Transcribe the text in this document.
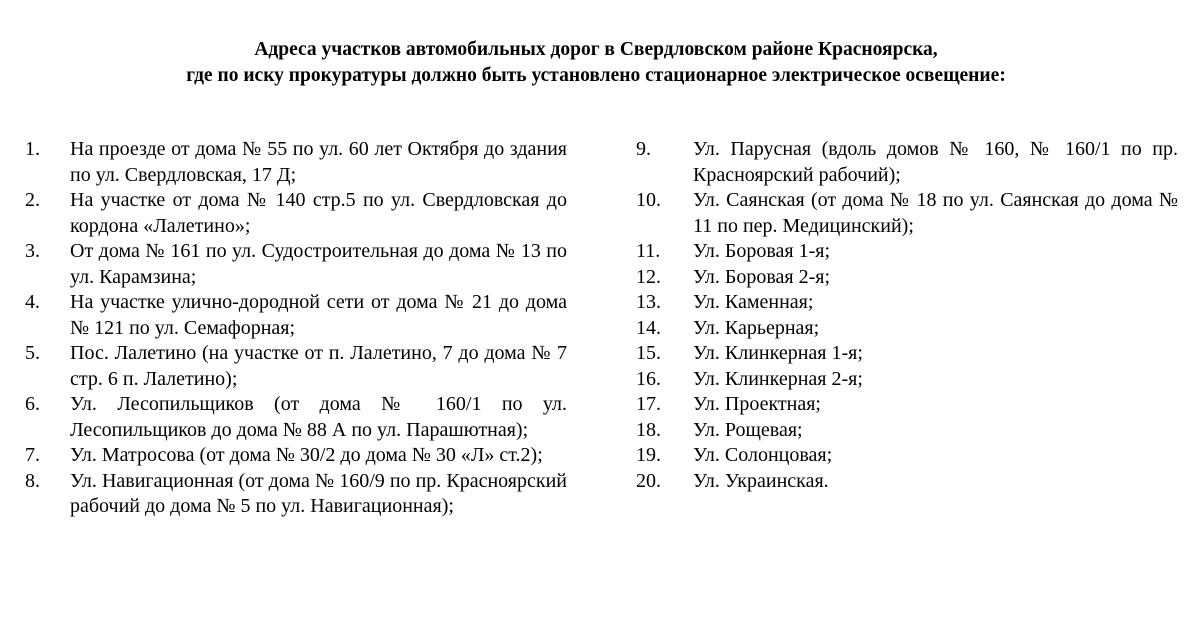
Адреса участков автомобильных дорог в Свердловском районе Красноярска,
где по иску прокуратуры должно быть установлено стационарное электрическое освещение:
1. На проезде от дома № 55 по ул. 60 лет Октября до здания по ул. Свердловская, 17 Д;
2. На участке от дома № 140 стр.5 по ул. Свердловская до кордона «Лалетино»;
3. От дома № 161 по ул. Судостроительная до дома № 13 по ул. Карамзина;
4. На участке улично-дородной сети от дома № 21 до дома № 121 по ул. Семафорная;
5. Пос. Лалетино (на участке от п. Лалетино, 7 до дома № 7 стр. 6 п. Лалетино);
6. Ул. Лесопильщиков (от дома № 160/1 по ул. Лесопильщиков до дома № 88 А по ул. Парашютная);
7. Ул. Матросова (от дома № 30/2 до дома № 30 «Л» ст.2);
8. Ул. Навигационная (от дома № 160/9 по пр. Красноярский рабочий до дома № 5 по ул. Навигационная);
9. Ул. Парусная (вдоль домов № 160, № 160/1 по пр. Красноярский рабочий);
10. Ул. Саянская (от дома № 18 по ул. Саянская до дома № 11 по пер. Медицинский);
11. Ул. Боровая 1-я;
12. Ул. Боровая 2-я;
13. Ул. Каменная;
14. Ул. Карьерная;
15. Ул. Клинкерная 1-я;
16. Ул. Клинкерная 2-я;
17. Ул. Проектная;
18. Ул. Рощевая;
19. Ул. Солонцовая;
20. Ул. Украинская.
